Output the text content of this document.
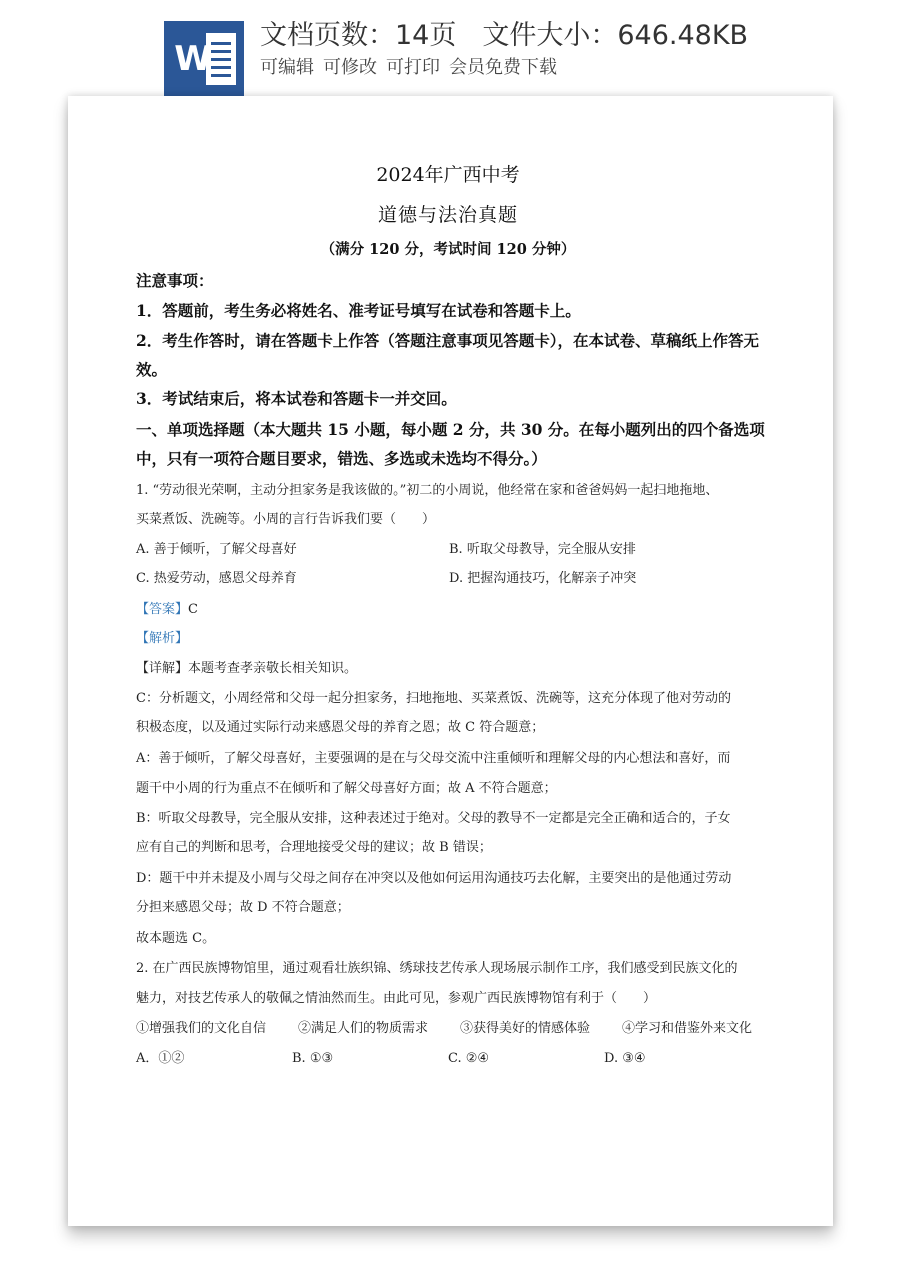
W
文档页数：14页 文件大小：646.48KB
可编辑 可修改 可打印 会员免费下载
2024年广西中考
道德与法治真题
（满分 120 分，考试时间 120 分钟）
注意事项：
1．答题前，考生务必将姓名、准考证号填写在试卷和答题卡上。
2．考生作答时，请在答题卡上作答（答题注意事项见答题卡），在本试卷、草稿纸上作答无
效。
3．考试结束后，将本试卷和答题卡一并交回。
一、单项选择题（本大题共 15 小题，每小题 2 分，共 30 分。在每小题列出的四个备选项
中，只有一项符合题目要求，错选、多选或未选均不得分。）
1. “劳动很光荣啊，主动分担家务是我该做的。”初二的小周说，他经常在家和爸爸妈妈一起扫地拖地、
买菜煮饭、洗碗等。小周的言行告诉我们要（　　）
A. 善于倾听，了解父母喜好	B. 听取父母教导，完全服从安排
C. 热爱劳动，感恩父母养育	D. 把握沟通技巧，化解亲子冲突
【答案】C
【解析】
【详解】本题考查孝亲敬长相关知识。
C：分析题文，小周经常和父母一起分担家务，扫地拖地、买菜煮饭、洗碗等，这充分体现了他对劳动的
积极态度，以及通过实际行动来感恩父母的养育之恩；故 C 符合题意；
A：善于倾听，了解父母喜好，主要强调的是在与父母交流中注重倾听和理解父母的内心想法和喜好，而
题干中小周的行为重点不在倾听和了解父母喜好方面；故 A 不符合题意；
B：听取父母教导，完全服从安排，这种表述过于绝对。父母的教导不一定都是完全正确和适合的，子女
应有自己的判断和思考，合理地接受父母的建议；故 B 错误；
D：题干中并未提及小周与父母之间存在冲突以及他如何运用沟通技巧去化解，主要突出的是他通过劳动
分担来感恩父母；故 D 不符合题意；
故本题选 C。
2. 在广西民族博物馆里，通过观看壮族织锦、绣球技艺传承人现场展示制作工序，我们感受到民族文化的
魅力，对技艺传承人的敬佩之情油然而生。由此可见，参观广西民族博物馆有利于（　　）
①增强我们的文化自信 ②满足人们的物质需求 ③获得美好的情感体验 ④学习和借鉴外来文化
A．①②	B. ①③	C. ②④	D. ③④
